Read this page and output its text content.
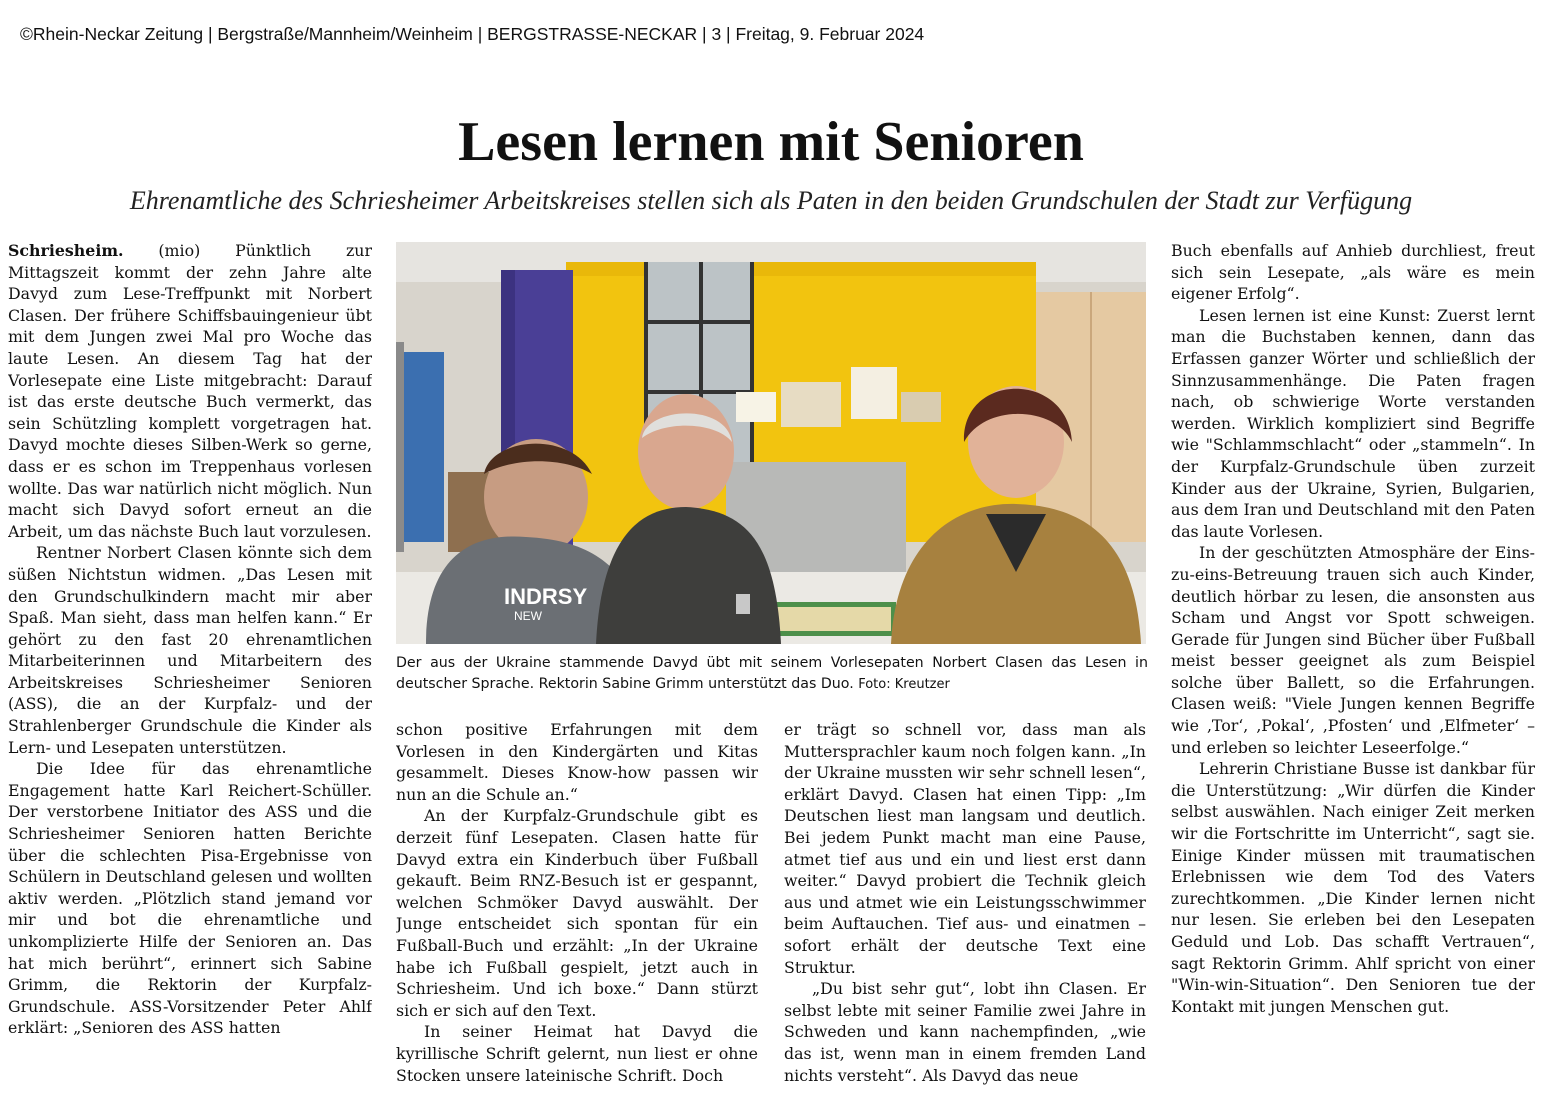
©Rhein-Neckar Zeitung | Bergstraße/Mannheim/Weinheim | BERGSTRASSE-NECKAR | 3 | Freitag, 9. Februar 2024
Lesen lernen mit Senioren
Ehrenamtliche des Schriesheimer Arbeitskreises stellen sich als Paten in den beiden Grundschulen der Stadt zur Verfügung

Schriesheim. (mio) Pünktlich zur Mittagszeit kommt der zehn Jahre alte Davyd zum Lese-Treffpunkt mit Norbert Clasen. Der frühere Schiffsbauingenieur übt mit dem Jungen zwei Mal pro Woche das laute Lesen. An diesem Tag hat der Vorlesepate eine Liste mitgebracht: Darauf ist das erste deutsche Buch vermerkt, das sein Schützling komplett vorgetragen hat. Davyd mochte dieses Silben-Werk so gerne, dass er es schon im Treppenhaus vorlesen wollte. Das war natürlich nicht möglich. Nun macht sich Davyd sofort erneut an die Arbeit, um das nächste Buch laut vorzulesen.

Rentner Norbert Clasen könnte sich dem süßen Nichtstun widmen. „Das Lesen mit den Grundschulkindern macht mir aber Spaß. Man sieht, dass man helfen kann.“ Er gehört zu den fast 20 ehrenamtlichen Mitarbeiterinnen und Mitarbeitern des Arbeitskreises Schriesheimer Senioren (ASS), die an der Kurpfalz- und der Strahlenberger Grundschule die Kinder als Lern- und Lesepaten unterstützen.

Die Idee für das ehrenamtliche Engagement hatte Karl Reichert-Schüller. Der verstorbene Initiator des ASS und die Schriesheimer Senioren hatten Berichte über die schlechten Pisa-Ergebnisse von Schülern in Deutschland gelesen und wollten aktiv werden. „Plötzlich stand jemand vor mir und bot die ehrenamtliche und unkomplizierte Hilfe der Senioren an. Das hat mich berührt“, erinnert sich Sabine Grimm, die Rektorin der Kurpfalz-Grundschule. ASS-Vorsitzender Peter Ahlf erklärt: „Senioren des ASS hatten

INDRSY
NEW
Der aus der Ukraine stammende Davyd übt mit seinem Vorlesepaten Norbert Clasen das Lesen in deutscher Sprache. Rektorin Sabine Grimm unterstützt das Duo. Foto: Kreutzer

schon positive Erfahrungen mit dem Vorlesen in den Kindergärten und Kitas gesammelt. Dieses Know-how passen wir nun an die Schule an.“

An der Kurpfalz-Grundschule gibt es derzeit fünf Lesepaten. Clasen hatte für Davyd extra ein Kinderbuch über Fußball gekauft. Beim RNZ-Besuch ist er gespannt, welchen Schmöker Davyd auswählt. Der Junge entscheidet sich spontan für ein Fußball-Buch und erzählt: „In der Ukraine habe ich Fußball gespielt, jetzt auch in Schriesheim. Und ich boxe.“ Dann stürzt sich er sich auf den Text.

In seiner Heimat hat Davyd die kyrillische Schrift gelernt, nun liest er ohne Stocken unsere lateinische Schrift. Doch

er trägt so schnell vor, dass man als Muttersprachler kaum noch folgen kann. „In der Ukraine mussten wir sehr schnell lesen“, erklärt Davyd. Clasen hat einen Tipp: „Im Deutschen liest man langsam und deutlich. Bei jedem Punkt macht man eine Pause, atmet tief aus und ein und liest erst dann weiter.“ Davyd probiert die Technik gleich aus und atmet wie ein Leistungsschwimmer beim Auftauchen. Tief aus- und einatmen – sofort erhält der deutsche Text eine Struktur.

„Du bist sehr gut“, lobt ihn Clasen. Er selbst lebte mit seiner Familie zwei Jahre in Schweden und kann nachempfinden, „wie das ist, wenn man in einem fremden Land nichts versteht“. Als Davyd das neue

Buch ebenfalls auf Anhieb durchliest, freut sich sein Lesepate, „als wäre es mein eigener Erfolg“.

Lesen lernen ist eine Kunst: Zuerst lernt man die Buchstaben kennen, dann das Erfassen ganzer Wörter und schließlich der Sinnzusammenhänge. Die Paten fragen nach, ob schwierige Worte verstanden werden. Wirklich kompliziert sind Begriffe wie "Schlammschlacht“ oder „stammeln“. In der Kurpfalz-Grundschule üben zurzeit Kinder aus der Ukraine, Syrien, Bulgarien, aus dem Iran und Deutschland mit den Paten das laute Vorlesen.

In der geschützten Atmosphäre der Eins-zu-eins-Betreuung trauen sich auch Kinder, deutlich hörbar zu lesen, die ansonsten aus Scham und Angst vor Spott schweigen. Gerade für Jungen sind Bücher über Fußball meist besser geeignet als zum Beispiel solche über Ballett, so die Erfahrungen. Clasen weiß: "Viele Jungen kennen Begriffe wie ‚Tor‘, ‚Pokal‘, ‚Pfosten‘ und ‚Elfmeter‘ – und erleben so leichter Leseerfolge.“

Lehrerin Christiane Busse ist dankbar für die Unterstützung: „Wir dürfen die Kinder selbst auswählen. Nach einiger Zeit merken wir die Fortschritte im Unterricht“, sagt sie. Einige Kinder müssen mit traumatischen Erlebnissen wie dem Tod des Vaters zurechtkommen. „Die Kinder lernen nicht nur lesen. Sie erleben bei den Lesepaten Geduld und Lob. Das schafft Vertrauen“, sagt Rektorin Grimm. Ahlf spricht von einer "Win-win-Situation“. Den Senioren tue der Kontakt mit jungen Menschen gut.
